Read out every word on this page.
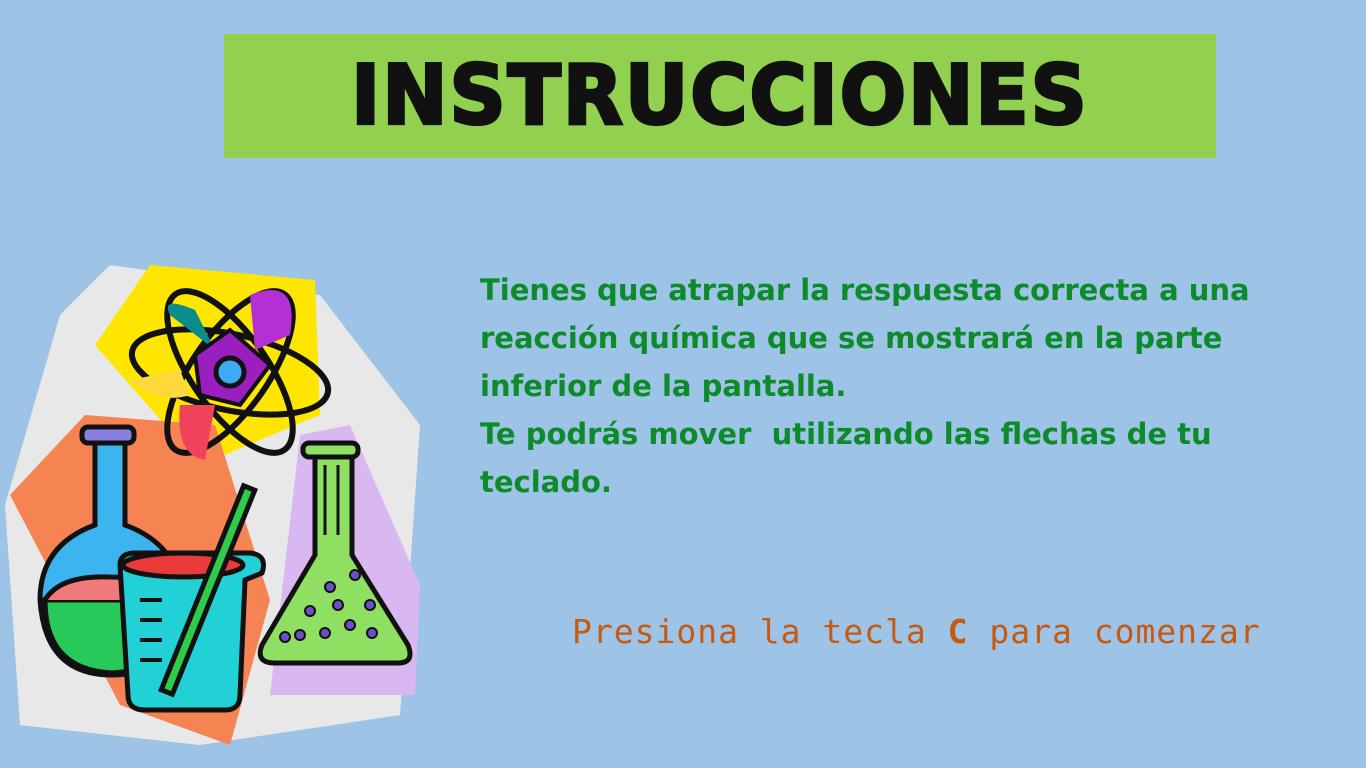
INSTRUCCIONES

Tienes que atrapar la respuesta correcta a una

reacción química que se mostrará en la parte

inferior de la pantalla.

Te podrás mover  utilizando las flechas de tu

teclado.

Presiona la tecla C para comenzar
